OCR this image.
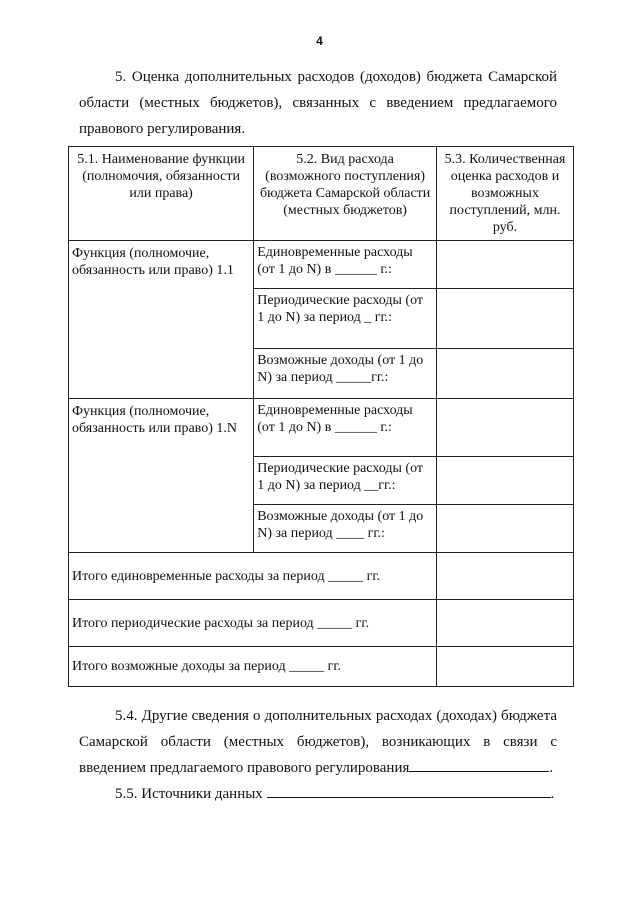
4

5. Оценка дополнительных расходов (доходов) бюджета Самарской области (местных бюджетов), связанных с введением предлагаемого правового регулирования.

5.1. Наименование функции (полномочия, обязанности или права)	5.2. Вид расхода (возможного поступления) бюджета Самарской области (местных бюджетов)	5.3. Количественная оценка расходов и возможных поступлений, млн. руб.
Функция (полномочие, обязанность или право) 1.1	Единовременные расходы (от 1 до N) в ______ г.:	
	Периодические расходы (от 1 до N) за период _ гг.:	
	Возможные доходы (от 1 до N) за период _____гг.:	
Функция (полномочие, обязанность или право) 1.N	Единовременные расходы (от 1 до N) в ______ г.:	
	Периодические расходы (от 1 до N) за период __гг.:	
	Возможные доходы (от 1 до N) за период ____ гг.:	
Итого единовременные расходы за период _____ гг.		
Итого периодические расходы за период _____ гг.		
Итого возможные доходы за период _____ гг.		

5.4. Другие сведения о дополнительных расходах (доходах) бюджета Самарской области (местных бюджетов), возникающих в связи с введением предлагаемого правового регулирования	.

5.5. Источники данных	.
